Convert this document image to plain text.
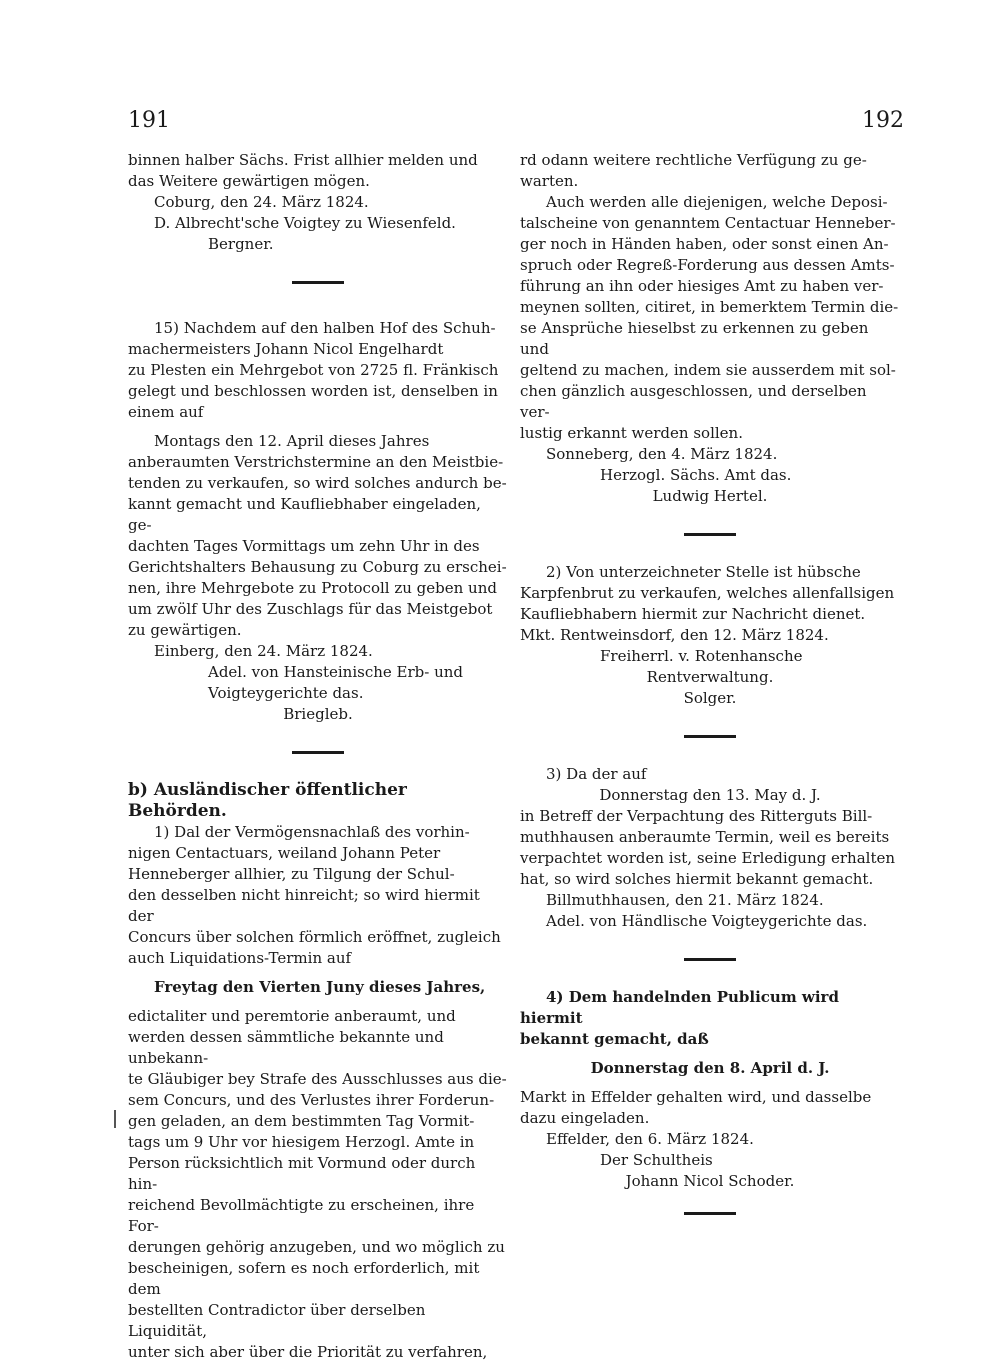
191	192

binnen halber Sächs. Frist allhier melden und

das Weitere gewärtigen mögen.

Coburg, den 24. März 1824.

D. Albrecht'sche Voigtey zu Wiesenfeld.

Bergner.

15) Nachdem auf den halben Hof des Schuh-

machermeisters Johann Nicol Engelhardt

zu Plesten ein Mehrgebot von 2725 fl. Fränkisch

gelegt und beschlossen worden ist, denselben in

einem auf

Montags den 12. April dieses Jahres

anberaumten Verstrichstermine an den Meistbie-

tenden zu verkaufen, so wird solches andurch be-

kannt gemacht und Kaufliebhaber eingeladen, ge-

dachten Tages Vormittags um zehn Uhr in des

Gerichtshalters Behausung zu Coburg zu erschei-

nen, ihre Mehrgebote zu Protocoll zu geben und

um zwölf Uhr des Zuschlags für das Meistgebot

zu gewärtigen.

Einberg, den 24. März 1824.

Adel. von Hansteinische Erb- und

Voigteygerichte das.

Briegleb.

b) Ausländischer öffentlicher Behörden.

1) Dal der Vermögensnachlaß des vorhin-

nigen Centactuars, weiland Johann Peter

Henneberger allhier, zu Tilgung der Schul-

den desselben nicht hinreicht; so wird hiermit der

Concurs über solchen förmlich eröffnet, zugleich

auch Liquidations-Termin auf

Freytag den Vierten Juny dieses Jahres,

edictaliter und peremtorie anberaumt, und

werden dessen sämmtliche bekannte und unbekann-

te Gläubiger bey Strafe des Ausschlusses aus die-

sem Concurs, und des Verlustes ihrer Forderun-

gen geladen, an dem bestimmten Tag Vormit-

tags um 9 Uhr vor hiesigem Herzogl. Amte in

Person rücksichtlich mit Vormund oder durch hin-

reichend Bevollmächtigte zu erscheinen, ihre For-

derungen gehörig anzugeben, und wo möglich zu

bescheinigen, sofern es noch erforderlich, mit dem

bestellten Contradictor über derselben Liquidität,

unter sich aber über die Priorität zu verfahren,

rd odann weitere rechtliche Verfügung zu ge-

warten.

Auch werden alle diejenigen, welche Deposi-

talscheine von genanntem Centactuar Henneber-

ger noch in Händen haben, oder sonst einen An-

spruch oder Regreß-Forderung aus dessen Amts-

führung an ihn oder hiesiges Amt zu haben ver-

meynen sollten, citiret, in bemerktem Termin die-

se Ansprüche hieselbst zu erkennen zu geben und

geltend zu machen, indem sie ausserdem mit sol-

chen gänzlich ausgeschlossen, und derselben ver-

lustig erkannt werden sollen.

Sonneberg, den 4. März 1824.

Herzogl. Sächs. Amt das.

Ludwig Hertel.

2) Von unterzeichneter Stelle ist hübsche

Karpfenbrut zu verkaufen, welches allenfallsigen

Kaufliebhabern hiermit zur Nachricht dienet.

Mkt. Rentweinsdorf, den 12. März 1824.

Freiherrl. v. Rotenhansche

Rentverwaltung.

Solger.

3) Da der auf

Donnerstag den 13. May d. J.

in Betreff der Verpachtung des Ritterguts Bill-

muthhausen anberaumte Termin, weil es bereits

verpachtet worden ist, seine Erledigung erhalten

hat, so wird solches hiermit bekannt gemacht.

Billmuthhausen, den 21. März 1824.

Adel. von Händlische Voigteygerichte das.

4) Dem handelnden Publicum wird hiermit

bekannt gemacht, daß

Donnerstag den 8. April d. J.

Markt in Effelder gehalten wird, und dasselbe

dazu eingeladen.

Effelder, den 6. März 1824.

Der Schultheis

Johann Nicol Schoder.
